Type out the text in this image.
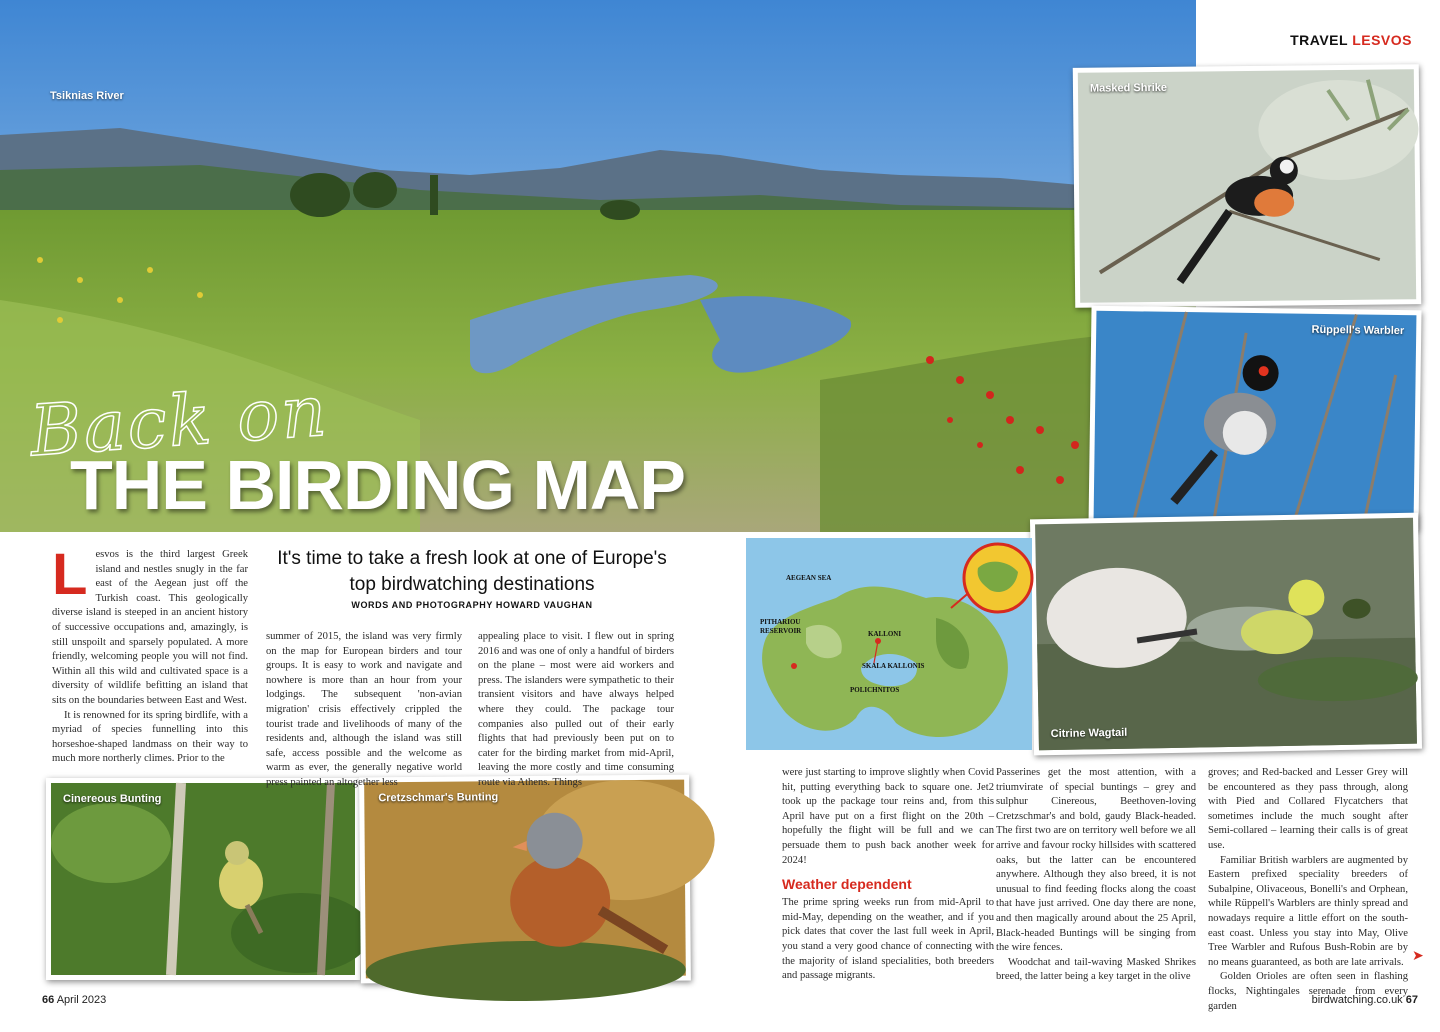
Tsiknias River
Back on
THE BIRDING MAP
TRAVEL LESVOS
Masked Shrike
Rüppell's Warbler
Citrine Wagtail
Cinereous Bunting	Cretzschmar's Bunting
It's time to take a fresh look at one of Europe's top birdwatching destinations
WORDS AND PHOTOGRAPHY HOWARD VAUGHAN

Lesvos is the third largest Greek island and nestles snugly in the far east of the Aegean just off the Turkish coast. This geologically diverse island is steeped in an ancient history of successive occupations and, amazingly, is still unspoilt and sparsely populated. A more friendly, welcoming people you will not find. Within all this wild and cultivated space is a diversity of wildlife befitting an island that sits on the boundaries between East and West.

It is renowned for its spring birdlife, with a myriad of species funnelling into this horseshoe-shaped landmass on their way to much more northerly climes. Prior to the

summer of 2015, the island was very firmly on the map for European birders and tour groups. It is easy to work and navigate and nowhere is more than an hour from your lodgings. The subsequent 'non-avian migration' crisis effectively crippled the tourist trade and livelihoods of many of the residents and, although the island was still safe, access possible and the welcome as warm as ever, the generally negative world press painted an altogether less

appealing place to visit. I flew out in spring 2016 and was one of only a handful of birders on the plane – most were aid workers and press. The islanders were sympathetic to their transient visitors and have always helped where they could. The package tour companies also pulled out of their early flights that had previously been put on to cater for the birding market from mid-April, leaving the more costly and time consuming route via Athens. Things

were just starting to improve slightly when Covid hit, putting everything back to square one. Jet2 took up the package tour reins and, from this April have put on a first flight on the 20th – hopefully the flight will be full and we can persuade them to push back another week for 2024!

Weather dependent

The prime spring weeks run from mid-April to mid-May, depending on the weather, and if you pick dates that cover the last full week in April, you stand a very good chance of connecting with the majority of island specialities, both breeders and passage migrants.

Passerines get the most attention, with a triumvirate of special buntings – grey and sulphur Cinereous, Beethoven-loving Cretzschmar's and bold, gaudy Black-headed. The first two are on territory well before we all arrive and favour rocky hillsides with scattered oaks, but the latter can be encountered anywhere. Although they also breed, it is not unusual to find feeding flocks along the coast that have just arrived. One day there are none, and then magically around about the 25 April, Black-headed Buntings will be singing from the wire fences.

Woodchat and tail-waving Masked Shrikes breed, the latter being a key target in the olive

groves; and Red-backed and Lesser Grey will be encountered as they pass through, along with Pied and Collared Flycatchers that sometimes include the much sought after Semi-collared – learning their calls is of great use.

Familiar British warblers are augmented by Eastern prefixed speciality breeders of Subalpine, Olivaceous, Bonelli's and Orphean, while Rüppell's Warblers are thinly spread and nowadays require a little effort on the south-east coast. Unless you stay into May, Olive Tree Warbler and Rufous Bush-Robin are by no means guaranteed, as both are late arrivals.

Golden Orioles are often seen in flashing flocks, Nightingales serenade from every garden

AEGEAN SEA
PITHARIOU
RESERVOIR	KALLONI
SKALA KALLONIS
POLICHNITOS
66 April 2023	birdwatching.co.uk 67
➤
